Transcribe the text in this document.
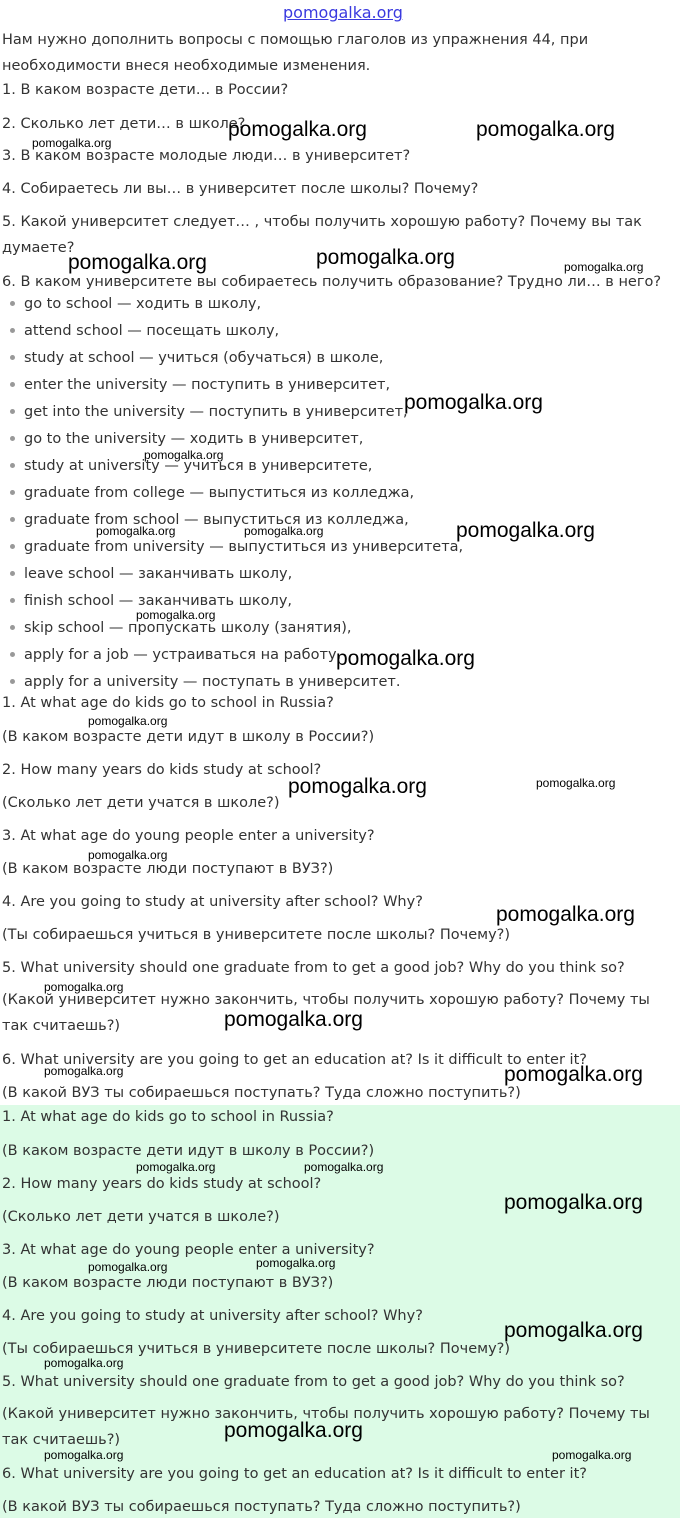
pomogalka.org
Нам нужно дополнить вопросы с помощью глаголов из упражнения 44, при необходимости внеся необходимые изменения.
1. В каком возрасте дети… в России?
2. Сколько лет дети… в школе?
3. В каком возрасте молодые люди… в университет?
4. Собираетесь ли вы… в университет после школы? Почему?
5. Какой университет следует… , чтобы получить хорошую работу? Почему вы так думаете?
6. В каком университете вы собираетесь получить образование? Трудно ли… в него?
go to school — ходить в школу,
attend school — посещать школу,
study at school — учиться (обучаться) в школе,
enter the university — поступить в университет,
get into the university — поступить в университет,
go to the university — ходить в университет,
study at university — учиться в университете,
graduate from college — выпуститься из колледжа,
graduate from school — выпуститься из колледжа,
graduate from university — выпуститься из университета,
leave school — заканчивать школу,
finish school — заканчивать школу,
skip school — пропускать школу (занятия),
apply for a job — устраиваться на работу,
apply for a university — поступать в университет.
1. At what age do kids go to school in Russia?
(В каком возрасте дети идут в школу в России?)
2. How many years do kids study at school?
(Сколько лет дети учатся в школе?)
3. At what age do young people enter a university?
(В каком возрасте люди поступают в ВУЗ?)
4. Are you going to study at university after school? Why?
(Ты собираешься учиться в университете после школы? Почему?)
5. What university should one graduate from to get a good job? Why do you think so?
(Какой университет нужно закончить, чтобы получить хорошую работу? Почему ты так считаешь?)
6. What university are you going to get an education at? Is it difficult to enter it?
(В какой ВУЗ ты собираешься поступать? Туда сложно поступить?)
1. At what age do kids go to school in Russia?
(В каком возрасте дети идут в школу в России?)
2. How many years do kids study at school?
(Сколько лет дети учатся в школе?)
3. At what age do young people enter a university?
(В каком возрасте люди поступают в ВУЗ?)
4. Are you going to study at university after school? Why?
(Ты собираешься учиться в университете после школы? Почему?)
5. What university should one graduate from to get a good job? Why do you think so?
(Какой университет нужно закончить, чтобы получить хорошую работу? Почему ты так считаешь?)
6. What university are you going to get an education at? Is it difficult to enter it?
(В какой ВУЗ ты собираешься поступать? Туда сложно поступить?)
pomogalka.org
pomogalka.org	pomogalka.org
pomogalka.org	pomogalka.org	pomogalka.org
pomogalka.org
pomogalka.org
pomogalka.org	pomogalka.org	pomogalka.org
pomogalka.org
pomogalka.org
pomogalka.org
pomogalka.org	pomogalka.org
pomogalka.org
pomogalka.org
pomogalka.org
pomogalka.org
pomogalka.org	pomogalka.org
pomogalka.org	pomogalka.org
pomogalka.org
pomogalka.org	pomogalka.org
pomogalka.org
pomogalka.org
pomogalka.org
pomogalka.org	pomogalka.org
